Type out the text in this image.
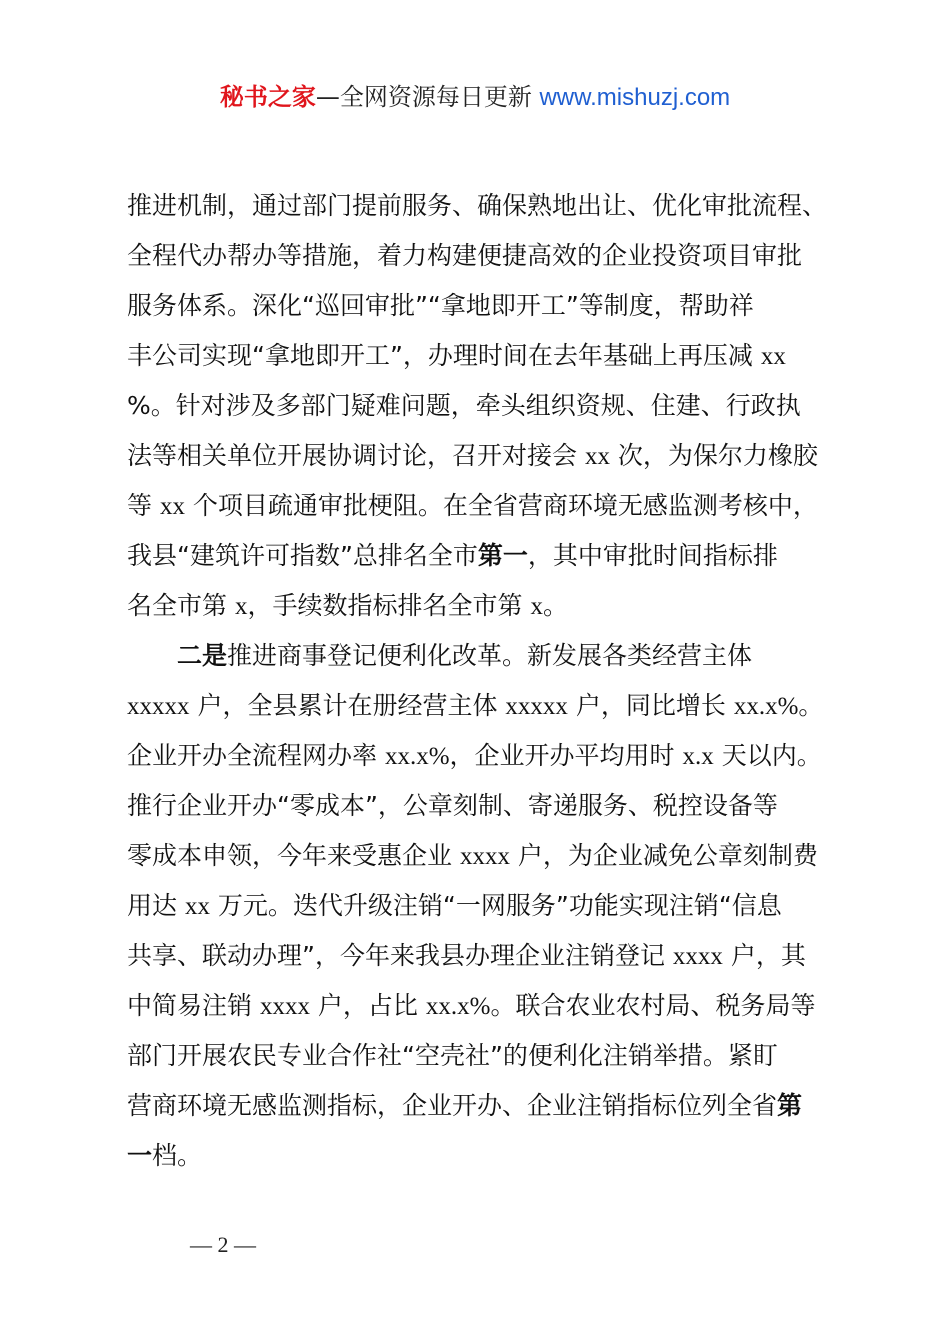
秘书之家—全网资源每日更新 www.mishuzj.com
推进机制，通过部门提前服务、确保熟地出让、优化审批流程、
全程代办帮办等措施，着力构建便捷高效的企业投资项目审批
服务体系。深化“巡回审批”“拿地即开工”等制度，帮助祥
丰公司实现“拿地即开工”，办理时间在去年基础上再压减 xx
%。针对涉及多部门疑难问题，牵头组织资规、住建、行政执
法等相关单位开展协调讨论，召开对接会 xx 次，为保尔力橡胶
等 xx 个项目疏通审批梗阻。在全省营商环境无感监测考核中，
我县“建筑许可指数”总排名全市第一，其中审批时间指标排
名全市第 x，手续数指标排名全市第 x。
二是推进商事登记便利化改革。新发展各类经营主体
xxxxx 户，全县累计在册经营主体 xxxxx 户，同比增长 xx.x%。
企业开办全流程网办率 xx.x%，企业开办平均用时 x.x 天以内。
推行企业开办“零成本”，公章刻制、寄递服务、税控设备等
零成本申领，今年来受惠企业 xxxx 户，为企业减免公章刻制费
用达 xx 万元。迭代升级注销“一网服务”功能实现注销“信息
共享、联动办理”，今年来我县办理企业注销登记 xxxx 户，其
中简易注销 xxxx 户，占比 xx.x%。联合农业农村局、税务局等
部门开展农民专业合作社“空壳社”的便利化注销举措。紧盯
营商环境无感监测指标，企业开办、企业注销指标位列全省第
一档。
— 2 —
